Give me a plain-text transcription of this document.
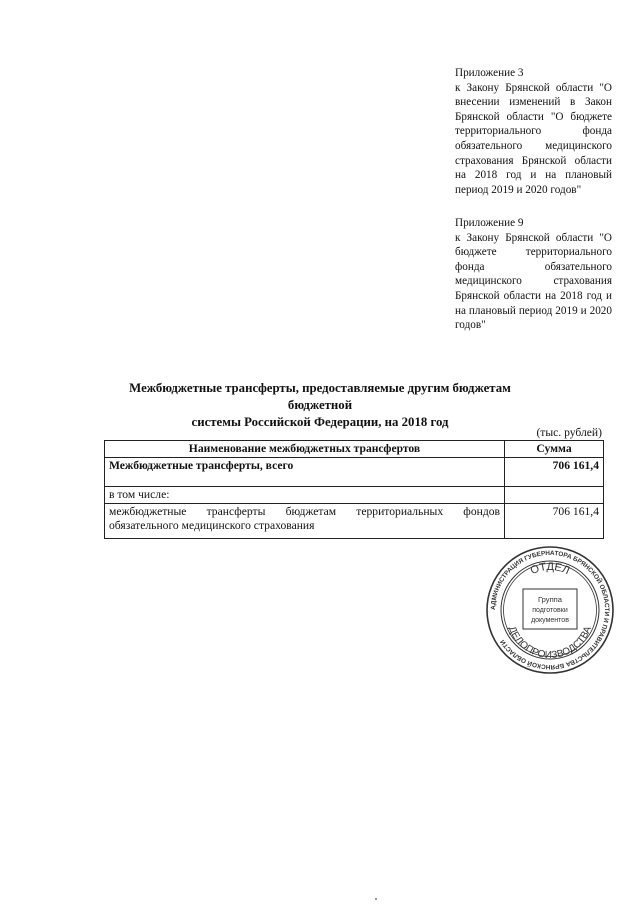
Приложение 3
к Закону Брянской области "О внесении изменений в Закон Брянской области "О бюджете территориального фонда обязательного медицинского страхования Брянской области на 2018 год и на плановый период 2019 и 2020 годов"
Приложение 9
к Закону Брянской области "О бюджете территориального фонда обязательного медицинского страхования Брянской области на 2018 год и на плановый период 2019 и 2020 годов"
Межбюджетные трансферты, предоставляемые другим бюджетам бюджетной
системы Российской Федерации, на 2018 год
(тыс. рублей)
Наименование межбюджетных трансфертов	Сумма
Межбюджетные трансферты, всего	706 161,4
в том числе:	
межбюджетные трансферты бюджетам территориальных фондов обязательного медицинского страхования	706 161,4
АДМИНИСТРАЦИЯ ГУБЕРНАТОРА БРЯНСКОЙ ОБЛАСТИ И ПРАВИТЕЛЬСТВА БРЯНСКОЙ ОБЛАСТИ
ОТДЕЛ
ДЕЛОПРОИЗВОДСТВА
Группа
подготовки
документов
